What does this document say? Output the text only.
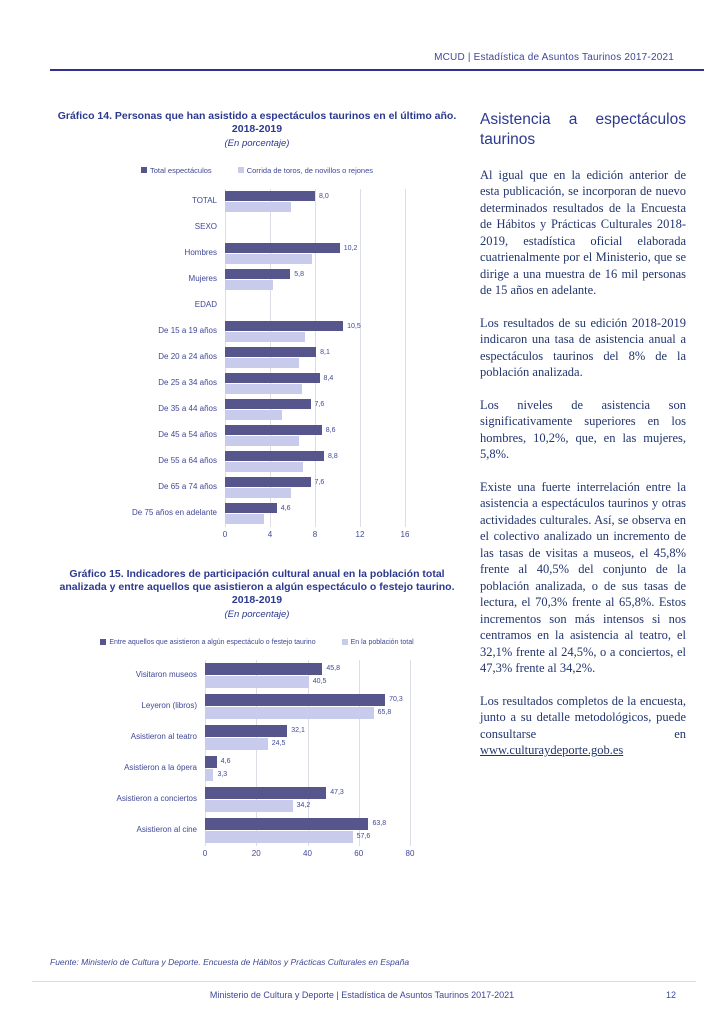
MCUD | Estadística de Asuntos Taurinos 2017-2021
Gráfico 14. Personas que han asistido a espectáculos taurinos en el último año.
2018-2019
(En porcentaje)
Total espectáculos	Corrida de toros, de novillos o rejones
TOTAL
8,0
SEXO
Hombres
10,2
Mujeres
5,8
EDAD
De 15 a 19 años
10,5
De 20 a 24 años
8,1
De 25 a 34 años
8,4
De 35 a 44 años
7,6
De 45 a 54 años
8,6
De 55 a 64 años
8,8
De 65 a 74 años
7,6
De 75 años en adelante
4,6
0	4	8	12	16
Gráfico 15. Indicadores de participación cultural anual en la población total analizada y entre aquellos que asistieron a algún espectáculo o festejo taurino.
2018-2019
(En porcentaje)
Entre aquellos que asistieron a algún espectáculo o festejo taurino	En la población total
Visitaron museos
45,8
40,5
Leyeron (libros)
70,3
65,8
Asistieron al teatro
32,1
24,5
Asistieron a la ópera
4,6
3,3
Asistieron a conciertos
47,3
34,2
Asistieron al cine
63,8
57,6
0	20	40	60	80
Asistencia a espectáculos taurinos

Al igual que en la edición anterior de esta publicación, se incorporan de nuevo determinados resultados de la Encuesta de Hábitos y Prácticas Culturales 2018-2019, estadística oficial elaborada cuatrienalmente por el Ministerio, que se dirige a una muestra de 16 mil personas de 15 años en adelante.

Los resultados de su edición 2018-2019 indicaron una tasa de asistencia anual a espectáculos taurinos del 8% de la población analizada.

Los niveles de asistencia son significativamente superiores en los hombres, 10,2%, que, en las mujeres, 5,8%.

Existe una fuerte interrelación entre la asistencia a espectáculos taurinos y otras actividades culturales. Así, se observa en el colectivo analizado un incremento de las tasas de visitas a museos, el 45,8% frente al 40,5% del conjunto de la población analizada, o de sus tasas de lectura, el 70,3% frente al 65,8%. Estos incrementos son más intensos si nos centramos en la asistencia al teatro, el 32,1% frente al 24,5%, o a conciertos, el 47,3% frente al 34,2%.

Los resultados completos de la encuesta, junto a su detalle metodológicos, puede consultarse en www.culturaydeporte.gob.es

Fuente: Ministerio de Cultura y Deporte. Encuesta de Hábitos y Prácticas Culturales en España
Ministerio de Cultura y Deporte | Estadística de Asuntos Taurinos 2017-2021	12
